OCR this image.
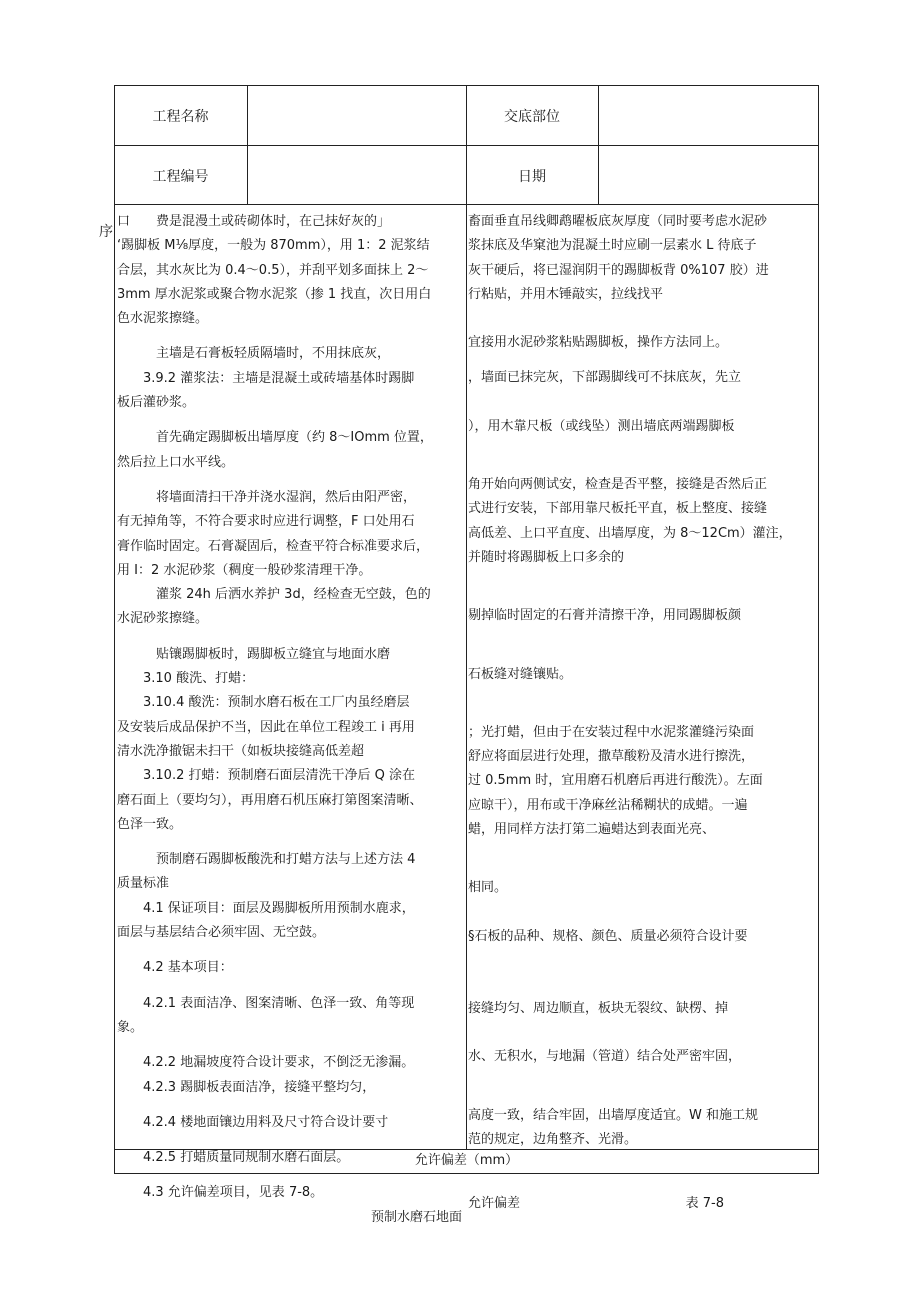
工程名称	交底部位
工程编号	日期
序
口　　费是混漫土或砖砌体时，在己抹好灰的」
‘踢脚板 M⅛厚度，一般为 870mm），用 1：2 泥浆结
合层，其水灰比为 0.4～0.5），并刮平划多面抹上 2～
3mm 厚水泥浆或聚合物水泥浆（掺 1 找直，次日用白
色水泥浆擦缝。
　　　主墙是石膏板轻质隔墙时，不用抹底灰，
　　3.9.2 灌浆法：主墙是混凝土或砖墙基体时踢脚
板后灌砂浆。
　　　首先确定踢脚板出墙厚度（约 8～IOmm 位置，
然后拉上口水平线。
　　　将墙面清扫干净并浇水湿润，然后由阳严密，
有无掉角等，不符合要求时应进行调整，F 口处用石
膏作临时固定。石膏凝固后，检查平符合标准要求后，
用 I：2 水泥砂浆（稠度一般砂浆清理干净。
　　　灌浆 24h 后洒水养护 3d，经检查无空鼓，色的
水泥砂浆擦缝。
　　　贴镶踢脚板时，踢脚板立缝宜与地面水磨
　　3.10 酸洗、打蜡：
　　3.10.4 酸洗：预制水磨石板在工厂内虽经磨层
及安装后成品保护不当，因此在单位工程竣工 i 再用
清水洗净撤锯未扫干（如板块接缝高低差超
　　3.10.2 打蜡：预制磨石面层清洗干净后 Q 涂在
磨石面上（要均匀），再用磨石机压麻打第图案清晰、
色泽一致。
　　　预制磨石踢脚板酸洗和打蜡方法与上述方法 4
质量标准
　　4.1 保证项目：面层及踢脚板所用预制水鹿求，
面层与基层结合必须牢固、无空鼓。
　　4.2 基本项目：
　　4.2.1 表面洁净、图案清晰、色泽一致、角等现
象。
　　4.2.2 地漏坡度符合设计要求，不倒泛无渗漏。
　　4.2.3 踢脚板表面洁净，接缝平整均匀，
　　4.2.4 楼地面镶边用料及尺寸符合设计要寸
　　4.2.5 打蜡质量同规制水磨石面层。
　　4.3 允许偏差项目，见表 7-8。
预制水磨石地面
畜面垂直吊线卿鹉曜板底灰厚度（同时要考虑水泥砂
浆抹底及华窠池为混凝土时应刷一层素水 L 待底子
灰干硬后，将已湿润阴干的踢脚板背 0%107 胶）进
行粘贴，并用木锤敲实，拉线找平
宜接用水泥砂浆粘贴踢脚板，操作方法同上。
，墙面已抹完灰，下部踢脚线可不抹底灰，先立
），用木靠尺板（或线坠）测出墙底两端踢脚板
角开始向两侧试安，检查是否平整，接缝是否然后正
式进行安装，下部用靠尺板托平直，板上整度、接缝
高低差、上口平直度、出墙厚度，为 8～12Cm）灌注，
并随时将踢脚板上口多余的
剔掉临时固定的石膏并清擦干净，用同踢脚板颜
石板缝对缝镶贴。
；光打蜡，但由于在安装过程中水泥浆灌缝污染面
舒应将面层进行处理，撒草酸粉及清水进行擦洗，
过 0.5mm 时，宜用磨石机磨后再进行酸洗）。左面
应晾干），用布或干净麻丝沾稀糊状的成蜡。一遍
蜡，用同样方法打第二遍蜡达到表面光亮、
相同。
§石板的品种、规格、颜色、质量必须符合设计要
接缝均匀、周边顺直，板块无裂纹、缺楞、掉
水、无积水，与地漏（管道）结合处严密牢固，
高度一致，结合牢固，出墙厚度适宜。W 和施工规
范的规定，边角整齐、光滑。
允许偏差	表 7-8
允许偏差（mm）
